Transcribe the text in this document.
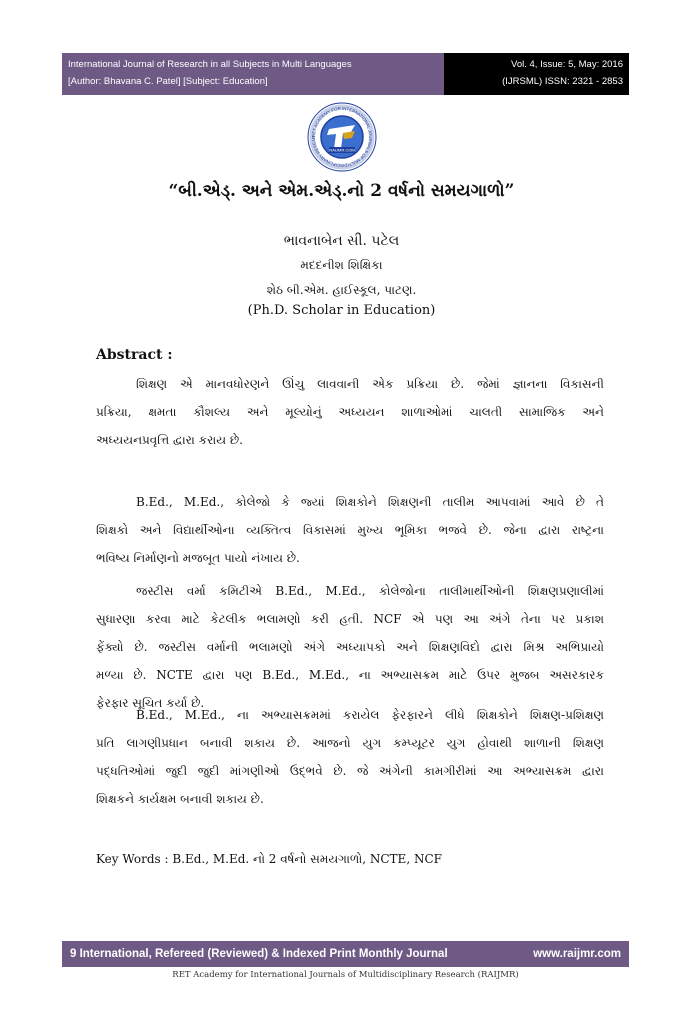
International Journal of Research in all Subjects in Multi Languages
[Author: Bhavana C. Patel] [Subject: Education]
Vol. 4, Issue: 5, May: 2016
(IJRSML) ISSN: 2321 - 2853
RET ACADEMY FOR INTERNATIONAL JOURNALS OF MULTIDISCIPLINARY RESEAR
RAIJMR.COM
“બી.એડ્. અને એમ.એડ્.નો 2 વર્ષનો સમયગાળો”
ભાવનાબેન સી. પટેલ
મદદનીશ શિક્ષિકા
શેઠ બી.એમ. હાઈસ્કૂલ, પાટણ.
(Ph.D. Scholar in Education)
Abstract :
શિક્ષણ એ માનવધોરણને ઊંચુ લાવવાની એક પ્રક્રિયા છે. જેમાં જ્ઞાનના વિકાસની
પ્રક્રિયા, ક્ષમતા કૌશલ્ય અને મૂલ્યોનું અધ્યયન શાળાઓમાં ચાલતી સામાજિક અને
અધ્યયનપ્રવૃત્તિ દ્વારા કરાય છે.
B.Ed., M.Ed., કોલેજો કે જ્યાં શિક્ષકોને શિક્ષણની તાલીમ આપવામાં આવે છે તે
શિક્ષકો અને વિદ્યાર્થીઓના વ્યક્તિત્વ વિકાસમાં મુખ્ય ભૂમિકા ભજવે છે. જેના દ્વારા રાષ્ટ્રના
ભવિષ્ય નિર્માણનો મજબૂત પાયો નંખાય છે.
જસ્ટીસ વર્મા કમિટીએ B.Ed., M.Ed., કોલેજોના તાલીમાર્થીઓની શિક્ષણપ્રણાલીમાં
સુધારણા કરવા માટે કેટલીક ભલામણો કરી હતી. NCF એ પણ આ અંગે તેના પર પ્રકાશ
ફેંક્યો છે. જસ્ટીસ વર્માની ભલામણો અંગે અધ્યાપકો અને શિક્ષણવિદો દ્વારા મિશ્ર અભિપ્રાયો
મળ્યા છે. NCTE દ્વારા પણ B.Ed., M.Ed., ના અભ્યાસક્રમ માટે ઉપર મુજબ અસરકારક
ફેરફાર સૂચિત કર્યા છે.
B.Ed., M.Ed., ના અભ્યાસક્રમમાં કરાયેલ ફેરફારને લીધે શિક્ષકોને શિક્ષણ-પ્રશિક્ષણ
પ્રતિ લાગણીપ્રધાન બનાવી શકાય છે. આજનો યુગ કમ્પ્યૂટર યુગ હોવાથી શાળાની શિક્ષણ
પદ્ધતિઓમાં જુદી જુદી માંગણીઓ ઉદ્ભવે છે. જે અંગેની કામગીરીમાં આ અભ્યાસક્રમ દ્વારા
શિક્ષકને કાર્યક્ષમ બનાવી શકાય છે.
Key Words : B.Ed., M.Ed. નો 2 વર્ષનો સમયગાળો, NCTE, NCF
9 International, Refereed (Reviewed) & Indexed Print Monthly Journal	www.raijmr.com
RET Academy for International Journals of Multidisciplinary Research (RAIJMR)
